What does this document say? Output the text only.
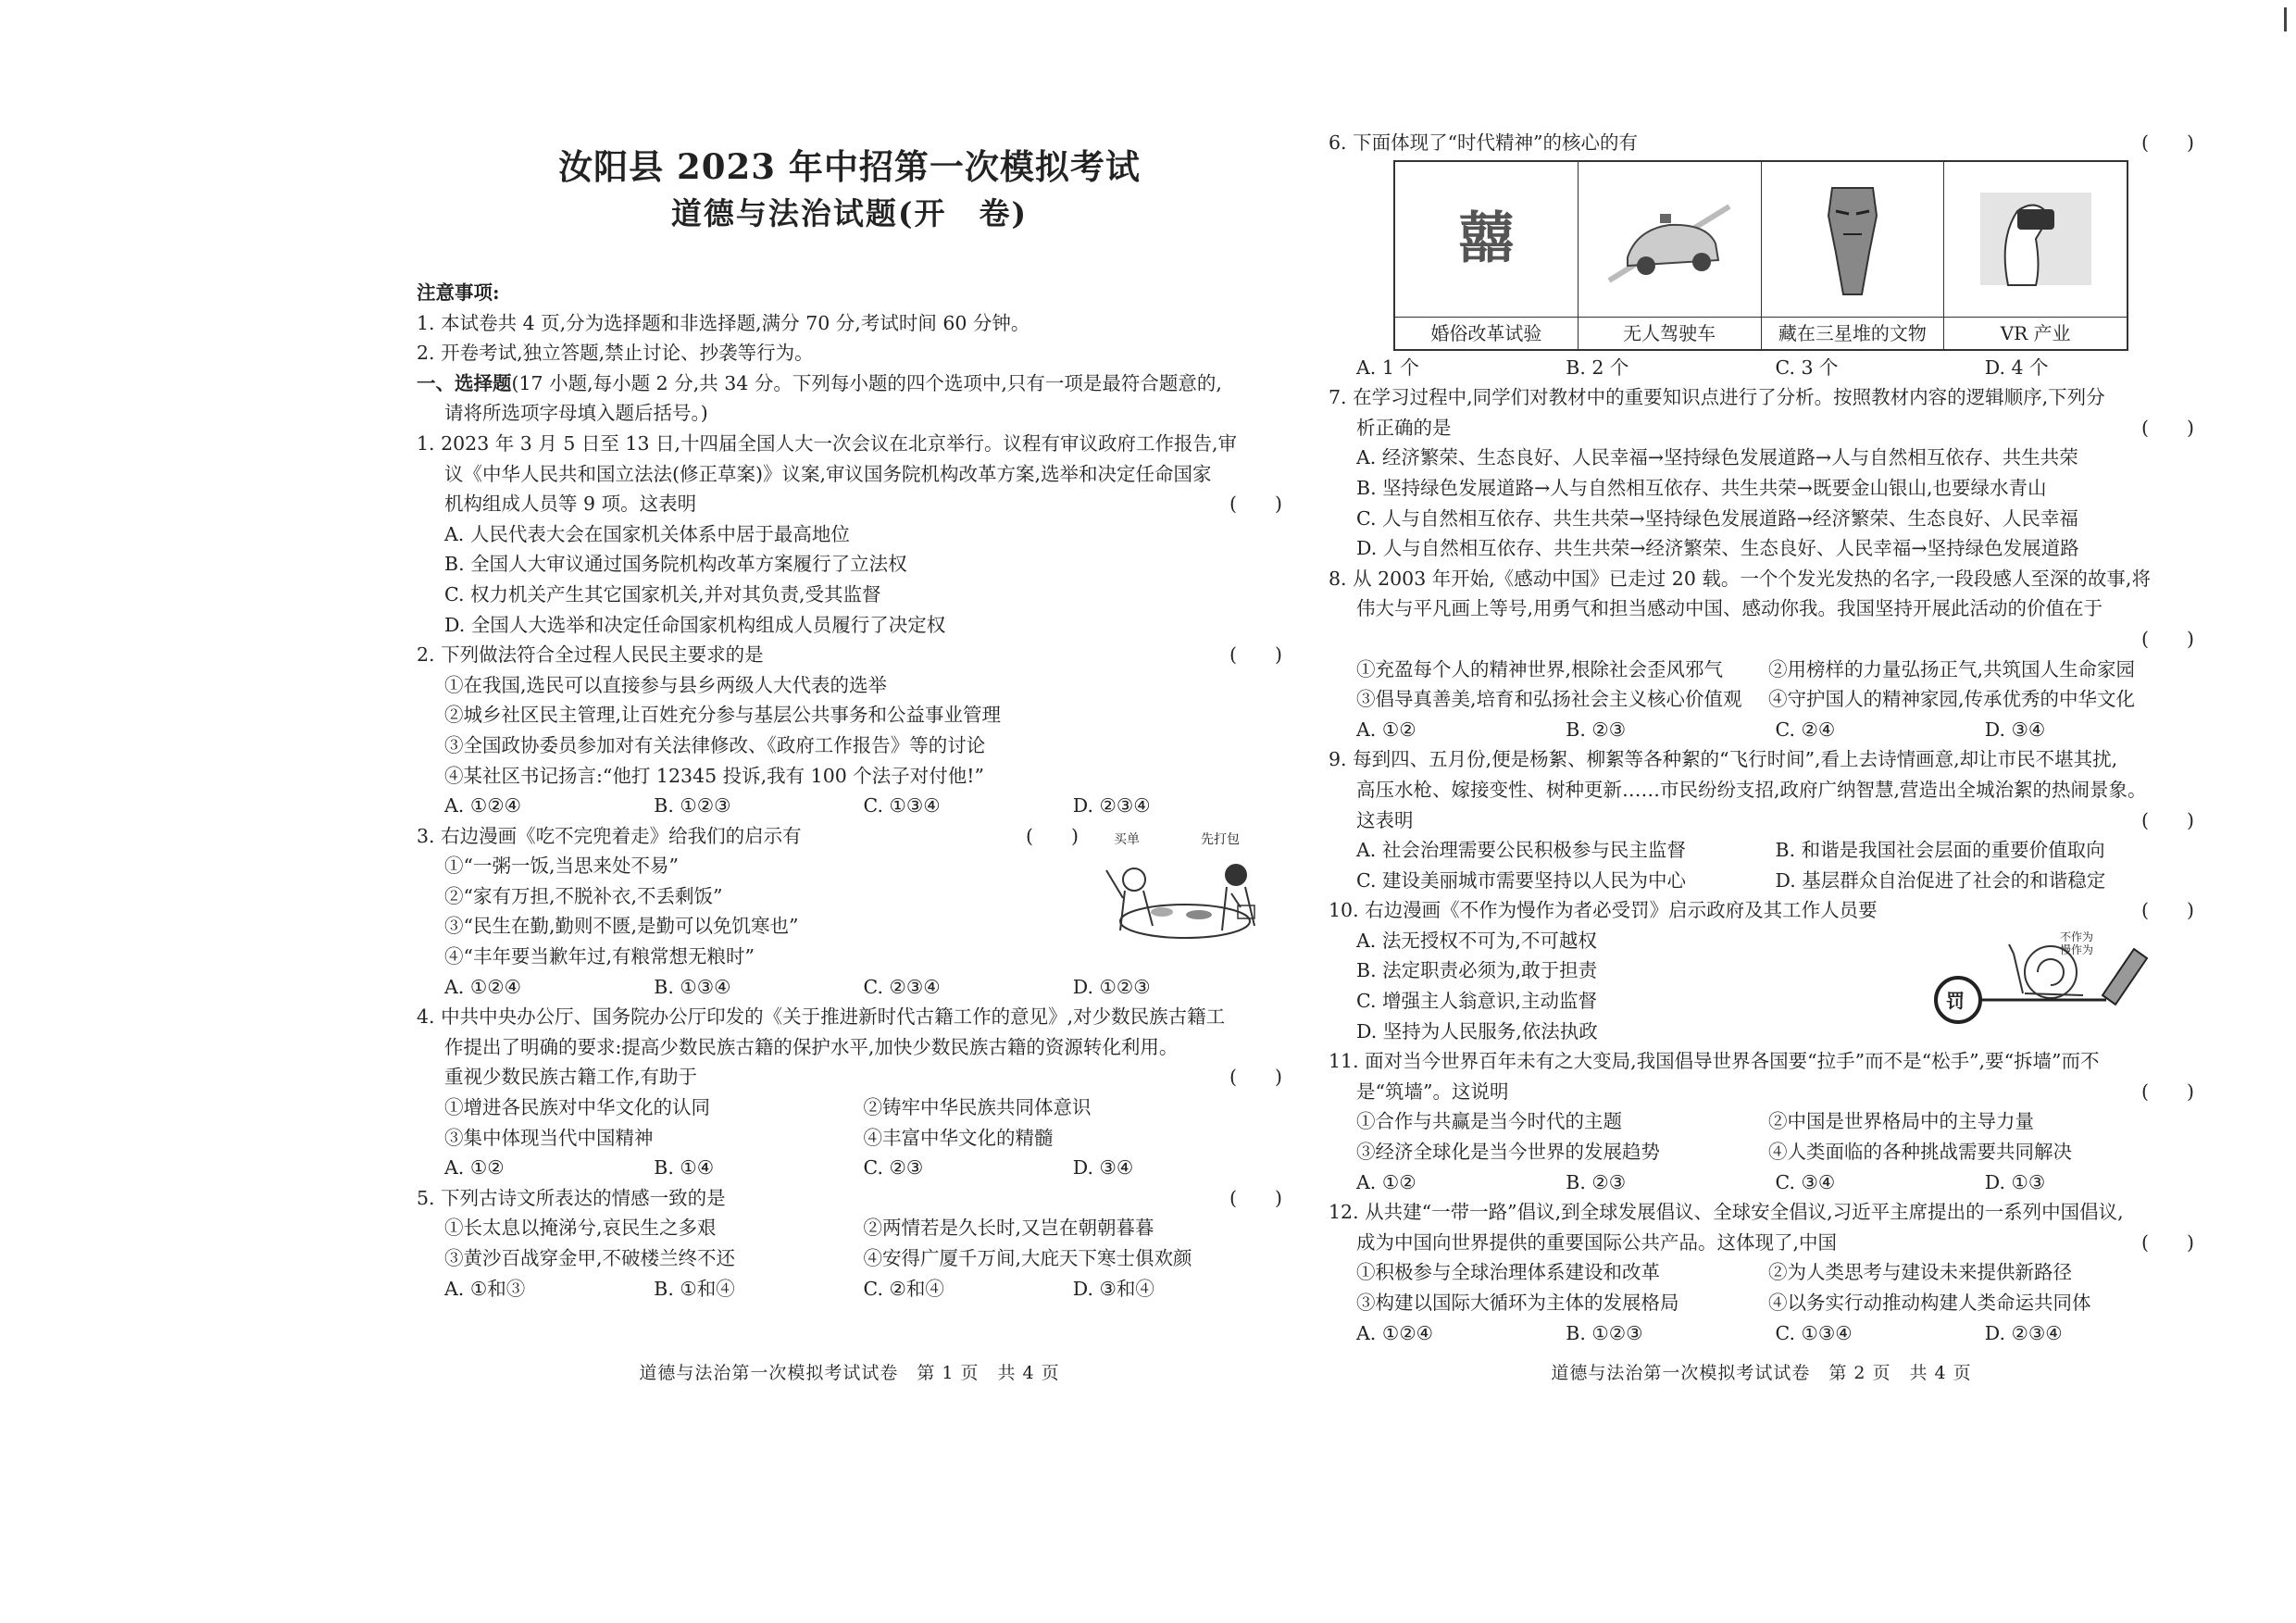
汝阳县 2023 年中招第一次模拟考试
道德与法治试题(开　卷)
注意事项:
1. 本试卷共 4 页,分为选择题和非选择题,满分 70 分,考试时间 60 分钟。
2. 开卷考试,独立答题,禁止讨论、抄袭等行为。
一、选择题(17 小题,每小题 2 分,共 34 分。下列每小题的四个选项中,只有一项是最符合题意的,
请将所选项字母填入题后括号。)
1. 2023 年 3 月 5 日至 13 日,十四届全国人大一次会议在北京举行。议程有审议政府工作报告,审
议《中华人民共和国立法法(修正草案)》议案,审议国务院机构改革方案,选举和决定任命国家
机构组成人员等 9 项。这表明	(　　)
A. 人民代表大会在国家机关体系中居于最高地位
B. 全国人大审议通过国务院机构改革方案履行了立法权
C. 权力机关产生其它国家机关,并对其负责,受其监督
D. 全国人大选举和决定任命国家机构组成人员履行了决定权
2. 下列做法符合全过程人民民主要求的是	(　　)
①在我国,选民可以直接参与县乡两级人大代表的选举
②城乡社区民主管理,让百姓充分参与基层公共事务和公益事业管理
③全国政协委员参加对有关法律修改、《政府工作报告》等的讨论
④某社区书记扬言:“他打 12345 投诉,我有 100 个法子对付他!”
A. ①②④	B. ①②③	C. ①③④	D. ②③④
3. 右边漫画《吃不完兜着走》给我们的启示有	(　　)
①“一粥一饭,当思来处不易”
②“家有万担,不脱补衣,不丢剩饭”
③“民生在勤,勤则不匮,是勤可以免饥寒也”
④“丰年要当歉年过,有粮常想无粮时”
A. ①②④	B. ①③④	C. ②③④	D. ①②③
4. 中共中央办公厅、国务院办公厅印发的《关于推进新时代古籍工作的意见》,对少数民族古籍工
作提出了明确的要求:提高少数民族古籍的保护水平,加快少数民族古籍的资源转化利用。
重视少数民族古籍工作,有助于	(　　)
①增进各民族对中华文化的认同	②铸牢中华民族共同体意识
③集中体现当代中国精神	④丰富中华文化的精髓
A. ①②	B. ①④	C. ②③	D. ③④
5. 下列古诗文所表达的情感一致的是	(　　)
①长太息以掩涕兮,哀民生之多艰	②两情若是久长时,又岂在朝朝暮暮
③黄沙百战穿金甲,不破楼兰终不还	④安得广厦千万间,大庇天下寒士俱欢颜
A. ①和③	B. ①和④	C. ②和④	D. ③和④
买单	先打包
道德与法治第一次模拟考试试卷　第 1 页　共 4 页
6. 下面体现了“时代精神”的核心的有	(　　)
囍
婚俗改革试验	无人驾驶车	藏在三星堆的文物	VR 产业
A. 1 个	B. 2 个	C. 3 个	D. 4 个
7. 在学习过程中,同学们对教材中的重要知识点进行了分析。按照教材内容的逻辑顺序,下列分
析正确的是	(　　)
A. 经济繁荣、生态良好、人民幸福→坚持绿色发展道路→人与自然相互依存、共生共荣
B. 坚持绿色发展道路→人与自然相互依存、共生共荣→既要金山银山,也要绿水青山
C. 人与自然相互依存、共生共荣→坚持绿色发展道路→经济繁荣、生态良好、人民幸福
D. 人与自然相互依存、共生共荣→经济繁荣、生态良好、人民幸福→坚持绿色发展道路
8. 从 2003 年开始,《感动中国》已走过 20 载。一个个发光发热的名字,一段段感人至深的故事,将
伟大与平凡画上等号,用勇气和担当感动中国、感动你我。我国坚持开展此活动的价值在于
(　　)
①充盈每个人的精神世界,根除社会歪风邪气	②用榜样的力量弘扬正气,共筑国人生命家园
③倡导真善美,培育和弘扬社会主义核心价值观	④守护国人的精神家园,传承优秀的中华文化
A. ①②	B. ②③	C. ②④	D. ③④
9. 每到四、五月份,便是杨絮、柳絮等各种絮的“飞行时间”,看上去诗情画意,却让市民不堪其扰,
高压水枪、嫁接变性、树种更新……市民纷纷支招,政府广纳智慧,营造出全城治絮的热闹景象。
这表明	(　　)
A. 社会治理需要公民积极参与民主监督	B. 和谐是我国社会层面的重要价值取向
C. 建设美丽城市需要坚持以人民为中心	D. 基层群众自治促进了社会的和谐稳定
10. 右边漫画《不作为慢作为者必受罚》启示政府及其工作人员要	(　　)
A. 法无授权不可为,不可越权
B. 法定职责必须为,敢于担责
C. 增强主人翁意识,主动监督
D. 坚持为人民服务,依法执政
11. 面对当今世界百年未有之大变局,我国倡导世界各国要“拉手”而不是“松手”,要“拆墙”而不
是“筑墙”。这说明	(　　)
①合作与共赢是当今时代的主题	②中国是世界格局中的主导力量
③经济全球化是当今世界的发展趋势	④人类面临的各种挑战需要共同解决
A. ①②	B. ②③	C. ③④	D. ①③
12. 从共建“一带一路”倡议,到全球发展倡议、全球安全倡议,习近平主席提出的一系列中国倡议,
成为中国向世界提供的重要国际公共产品。这体现了,中国	(　　)
①积极参与全球治理体系建设和改革	②为人类思考与建设未来提供新路径
③构建以国际大循环为主体的发展格局	④以务实行动推动构建人类命运共同体
A. ①②④	B. ①②③	C. ①③④	D. ②③④
罚
不作为 慢作为
道德与法治第一次模拟考试试卷　第 2 页　共 4 页
